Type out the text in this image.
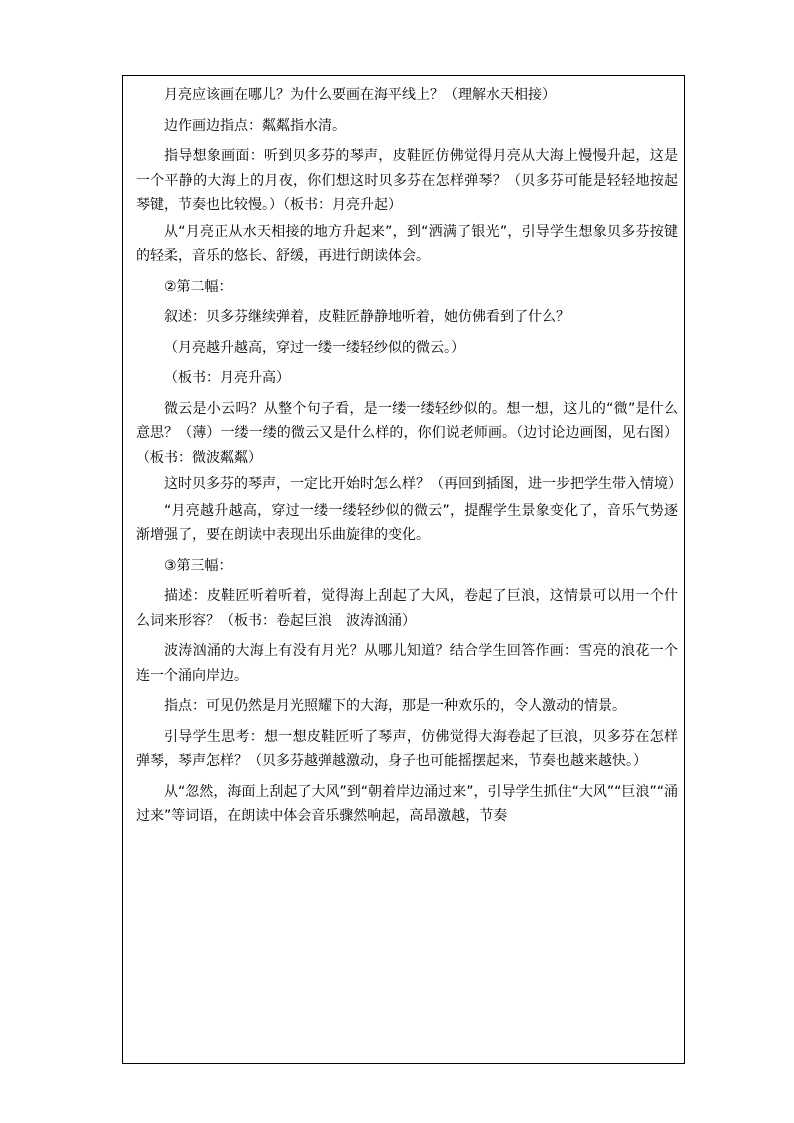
月亮应该画在哪儿？为什么要画在海平线上？（理解水天相接）

边作画边指点：粼粼指水清。

指导想象画面：听到贝多芬的琴声，皮鞋匠仿佛觉得月亮从大海上慢慢升起，这是一个平静的大海上的月夜，你们想这时贝多芬在怎样弹琴？（贝多芬可能是轻轻地按起琴键，节奏也比较慢。）（板书：月亮升起）

从“月亮正从水天相接的地方升起来”，到“洒满了银光”，引导学生想象贝多芬按键的轻柔，音乐的悠长、舒缓，再进行朗读体会。

②第二幅：

叙述：贝多芬继续弹着，皮鞋匠静静地听着，她仿佛看到了什么？

（月亮越升越高，穿过一缕一缕轻纱似的微云。）

（板书：月亮升高）

微云是小云吗？从整个句子看，是一缕一缕轻纱似的。想一想，这儿的“微”是什么意思？（薄）一缕一缕的微云又是什么样的，你们说老师画。（边讨论边画图，见右图）（板书：微波粼粼）

这时贝多芬的琴声，一定比开始时怎么样？（再回到插图，进一步把学生带入情境）

“月亮越升越高，穿过一缕一缕轻纱似的微云”，提醒学生景象变化了，音乐气势逐渐增强了，要在朗读中表现出乐曲旋律的变化。

③第三幅：

描述：皮鞋匠听着听着，觉得海上刮起了大风，卷起了巨浪，这情景可以用一个什么词来形容？（板书：卷起巨浪　波涛汹涌）

波涛汹涌的大海上有没有月光？从哪儿知道？结合学生回答作画：雪亮的浪花一个连一个涌向岸边。

指点：可见仍然是月光照耀下的大海，那是一种欢乐的，令人激动的情景。

引导学生思考：想一想皮鞋匠听了琴声，仿佛觉得大海卷起了巨浪，贝多芬在怎样弹琴，琴声怎样？（贝多芬越弹越激动，身子也可能摇摆起来，节奏也越来越快。）

从“忽然，海面上刮起了大风”到“朝着岸边涌过来”，引导学生抓住“大风”“巨浪”“涌过来”等词语，在朗读中体会音乐骤然响起，高昂激越，节奏
